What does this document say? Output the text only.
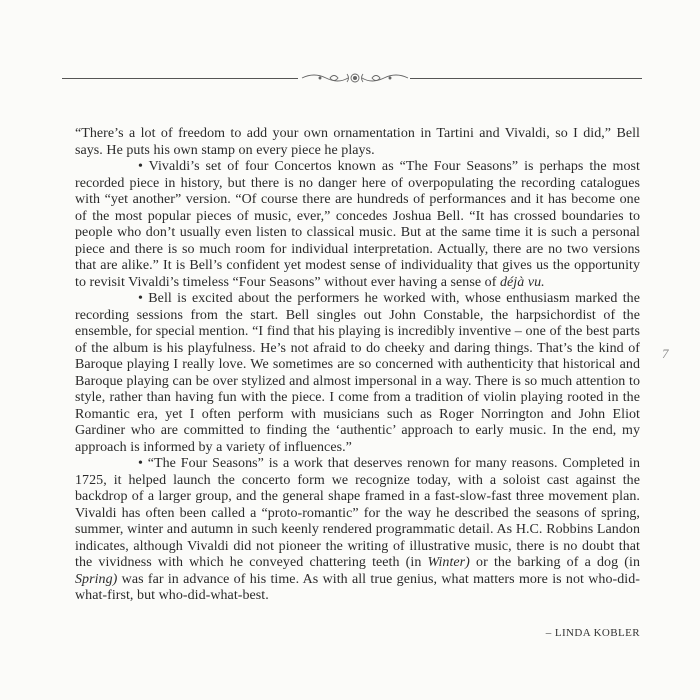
“There’s a lot of freedom to add your own ornamentation in Tartini and Vivaldi, so I did,” Bell says. He puts his own stamp on every piece he plays.

• Vivaldi’s set of four Concertos known as “The Four Seasons” is perhaps the most recorded piece in history, but there is no danger here of overpopulating the recording catalogues with “yet another” version. “Of course there are hundreds of performances and it has become one of the most popular pieces of music, ever,” concedes Joshua Bell. “It has crossed boundaries to people who don’t usually even listen to classical music. But at the same time it is such a personal piece and there is so much room for individual interpretation. Actually, there are no two versions that are alike.” It is Bell’s confident yet modest sense of individuality that gives us the opportunity to revisit Vivaldi’s timeless “Four Seasons” without ever having a sense of déjà vu.

• Bell is excited about the performers he worked with, whose enthusiasm marked the recording sessions from the start. Bell singles out John Constable, the harpsichordist of the ensemble, for special mention. “I find that his playing is incredibly inventive – one of the best parts of the album is his playfulness. He’s not afraid to do cheeky and daring things. That’s the kind of Baroque playing I really love. We sometimes are so concerned with authenticity that historical and Baroque playing can be over stylized and almost impersonal in a way. There is so much attention to style, rather than having fun with the piece. I come from a tradition of violin playing rooted in the Romantic era, yet I often perform with musicians such as Roger Norrington and John Eliot Gardiner who are committed to finding the ‘authentic’ approach to early music. In the end, my approach is informed by a variety of influences.”

• “The Four Seasons” is a work that deserves renown for many reasons. Completed in 1725, it helped launch the concerto form we recognize today, with a soloist cast against the backdrop of a larger group, and the general shape framed in a fast-slow-fast three movement plan. Vivaldi has often been called a “proto-romantic” for the way he described the seasons of spring, summer, winter and autumn in such keenly rendered programmatic detail. As H.C. Robbins Landon indicates, although Vivaldi did not pioneer the writing of illustrative music, there is no doubt that the vividness with which he conveyed chattering teeth (in Winter) or the barking of a dog (in Spring) was far in advance of his time. As with all true genius, what matters more is not who-did-what-first, but who-did-what-best.

– LINDA KOBLER
7
